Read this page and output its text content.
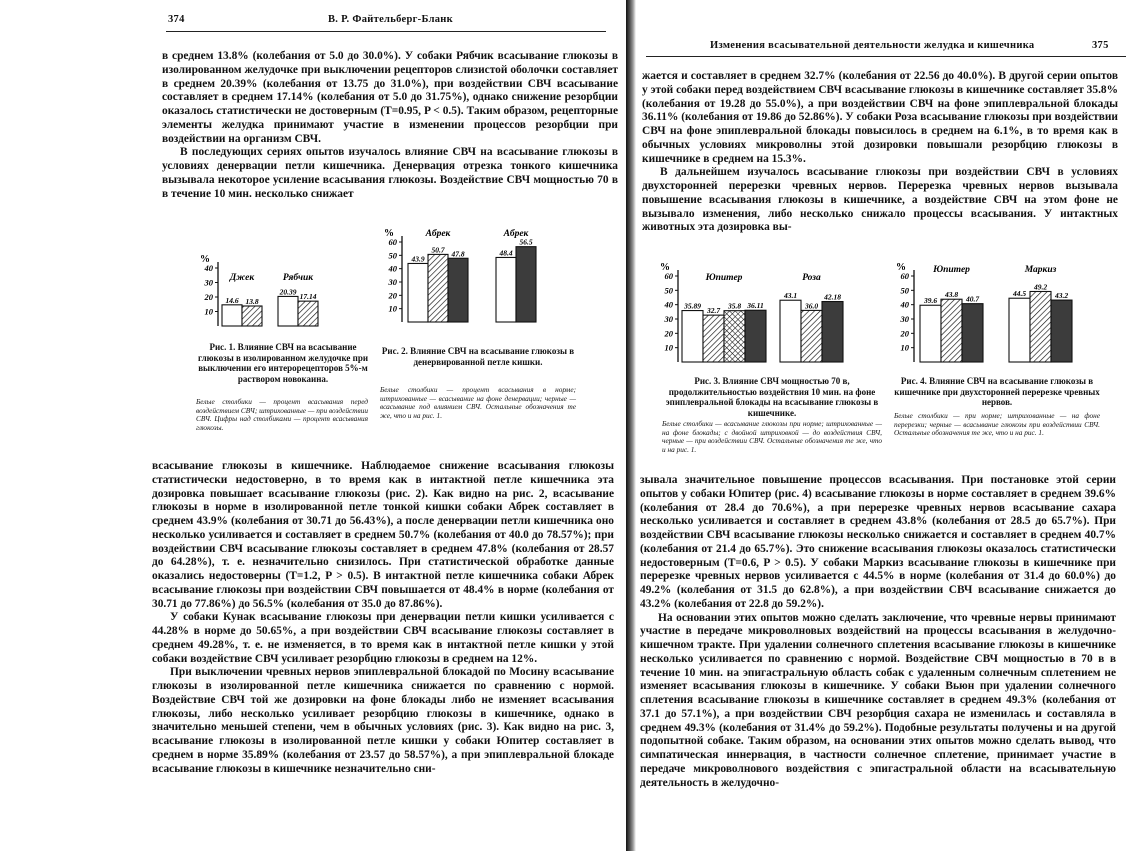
374	В. Р. Файтельберг-Бланк

в среднем 13.8% (колебания от 5.0 до 30.0%). У собаки Рябчик всасывание глюкозы в изолированном желудочке при выключении рецепторов слизистой оболочки составляет в среднем 20.39% (колебания от 13.75 до 31.0%), при воздействии СВЧ всасывание составляет в среднем 17.14% (колебания от 5.0 до 31.75%), однако снижение резорбции оказалось статистически не достоверным (T=0.95, P < 0.5). Таким образом, рецепторные элементы желудка принимают участие в изменении процессов резорбции при воздействии на организм СВЧ.

В последующих сериях опытов изучалось влияние СВЧ на всасывание глюкозы в условиях денервации петли кишечника. Денервация отрезка тонкого кишечника вызывала некоторое усиление всасывания глюкозы. Воздействие СВЧ мощностью 70 в в течение 10 мин. несколько снижает

%
10
20
30
40
14.6 13.8
Джек
20.39
17.14
Рябчик
%
10
20
30
40
50
60
43.9
50.7 47.8
Абрек
48.4
56.5
Абрек
Рис. 1. Влияние СВЧ на всасывание глюкозы в изолированном желудочке при выключении его интерорецепторов 5%-м раствором новокаина.
Белые столбики — процент всасывания перед воздействием СВЧ; штрихованные — при воздействии СВЧ. Цифры над столбиками — процент всасывания глюкозы.
Рис. 2. Влияние СВЧ на всасывание глюкозы в денервированной петле кишки.
Белые столбики — процент всасывания в норме; штрихованные — всасывание на фоне денервации; черные — всасывание под влиянием СВЧ. Остальные обозначения те же, что и на рис. 1.

всасывание глюкозы в кишечнике. Наблюдаемое снижение всасывания глюкозы статистически недостоверно, в то время как в интактной петле кишечника эта дозировка повышает всасывание глюкозы (рис. 2). Как видно на рис. 2, всасывание глюкозы в норме в изолированной петле тонкой кишки собаки Абрек составляет в среднем 43.9% (колебания от 30.71 до 56.43%), а после денервации петли кишечника оно несколько усиливается и составляет в среднем 50.7% (колебания от 40.0 до 78.57%); при воздействии СВЧ всасывание глюкозы составляет в среднем 47.8% (колебания от 28.57 до 64.28%), т. е. незначительно снизилось. При статистической обработке данные оказались недостоверны (T=1.2, P > 0.5). В интактной петле кишечника собаки Абрек всасывание глюкозы при воздействии СВЧ повышается от 48.4% в норме (колебания от 30.71 до 77.86%) до 56.5% (колебания от 35.0 до 87.86%).

У собаки Кунак всасывание глюкозы при денервации петли кишки усиливается с 44.28% в норме до 50.65%, а при воздействии СВЧ всасывание глюкозы составляет в среднем 49.28%, т. е. не изменяется, в то время как в интактной петле кишки у этой собаки воздействие СВЧ усиливает резорбцию глюкозы в среднем на 12%.

При выключении чревных нервов эпиплевральной блокадой по Мосину всасывание глюкозы в изолированной петле кишечника снижается по сравнению с нормой. Воздействие СВЧ той же дозировки на фоне блокады либо не изменяет всасывания глюкозы, либо несколько усиливает резорбцию глюкозы в кишечнике, однако в значительно меньшей степени, чем в обычных условиях (рис. 3). Как видно на рис. 3, всасывание глюкозы в изолированной петле кишки у собаки Юпитер составляет в среднем в норме 35.89% (колебания от 23.57 до 58.57%), а при эпиплевральной блокаде всасывание глюкозы в кишечнике незначительно сни-

Изменения всасывательной деятельности желудка и кишечника	375

жается и составляет в среднем 32.7% (колебания от 22.56 до 40.0%). В другой серии опытов у этой собаки перед воздействием СВЧ всасывание глюкозы в кишечнике составляет 35.8% (колебания от 19.28 до 55.0%), а при воздействии СВЧ на фоне эпиплевральной блокады 36.11% (колебания от 19.86 до 52.86%). У собаки Роза всасывание глюкозы при воздействии СВЧ на фоне эпиплевральной блокады повысилось в среднем на 6.1%, в то время как в обычных условиях микроволны этой дозировки повышали резорбцию глюкозы в кишечнике в среднем на 15.3%.

В дальнейшем изучалось всасывание глюкозы при воздействии СВЧ в условиях двухсторонней перерезки чревных нервов. Перерезка чревных нервов вызывала повышение всасывания глюкозы в кишечнике, а воздействие СВЧ на этом фоне не вызывало изменения, либо несколько снижало процессы всасывания. У интактных животных эта дозировка вы-

%
10
20
30
40
50
60
35.89
32.7 35.8 36.11
Юпитер
43.1
36.0
42.18
Роза
%
10
20
30
40
50
60
39.6
43.8 40.7
Юпитер
44.5
49.2
43.2
Маркиз
Рис. 3. Влияние СВЧ мощностью 70 в, продолжительностью воздействия 10 мин. на фоне эпиплевральной блокады на всасывание глюкозы в кишечнике.
Белые столбики — всасывание глюкозы при норме; штрихованные — на фоне блокады; с двойной штриховкой — до воздействия СВЧ, черные — при воздействии СВЧ. Остальные обозначения те же, что и на рис. 1.
Рис. 4. Влияние СВЧ на всасывание глюкозы в кишечнике при двухсторонней перерезке чревных нервов.
Белые столбики — при норме; штрихованные — на фоне перерезки; черные — всасывание глюкозы при воздействии СВЧ. Остальные обозначения те же, что и на рис. 1.

зывала значительное повышение процессов всасывания. При постановке этой серии опытов у собаки Юпитер (рис. 4) всасывание глюкозы в норме составляет в среднем 39.6% (колебания от 28.4 до 70.6%), а при перерезке чревных нервов всасывание сахара несколько усиливается и составляет в среднем 43.8% (колебания от 28.5 до 65.7%). При воздействии СВЧ всасывание глюкозы несколько снижается и составляет в среднем 40.7% (колебания от 21.4 до 65.7%). Это снижение всасывания глюкозы оказалось статистически недостоверным (T=0.6, P > 0.5). У собаки Маркиз всасывание глюкозы в кишечнике при перерезке чревных нервов усиливается с 44.5% в норме (колебания от 31.4 до 60.0%) до 49.2% (колебания от 31.5 до 62.8%), а при воздействии СВЧ всасывание снижается до 43.2% (колебания от 22.8 до 59.2%).

На основании этих опытов можно сделать заключение, что чревные нервы принимают участие в передаче микроволновых воздействий на процессы всасывания в желудочно-кишечном тракте. При удалении солнечного сплетения всасывание глюкозы в кишечнике несколько усиливается по сравнению с нормой. Воздействие СВЧ мощностью в 70 в в течение 10 мин. на эпигастральную область собак с удаленным солнечным сплетением не изменяет всасывания глюкозы в кишечнике. У собаки Вьюн при удалении солнечного сплетения всасывание глюкозы в кишечнике составляет в среднем 49.3% (колебания от 37.1 до 57.1%), а при воздействии СВЧ резорбция сахара не изменилась и составляла в среднем 49.3% (колебания от 31.4% до 59.2%). Подобные результаты получены и на другой подопытной собаке. Таким образом, на основании этих опытов можно сделать вывод, что симпатическая иннервация, в частности солнечное сплетение, принимает участие в передаче микроволнового воздействия с эпигастральной области на всасывательную деятельность в желудочно-
